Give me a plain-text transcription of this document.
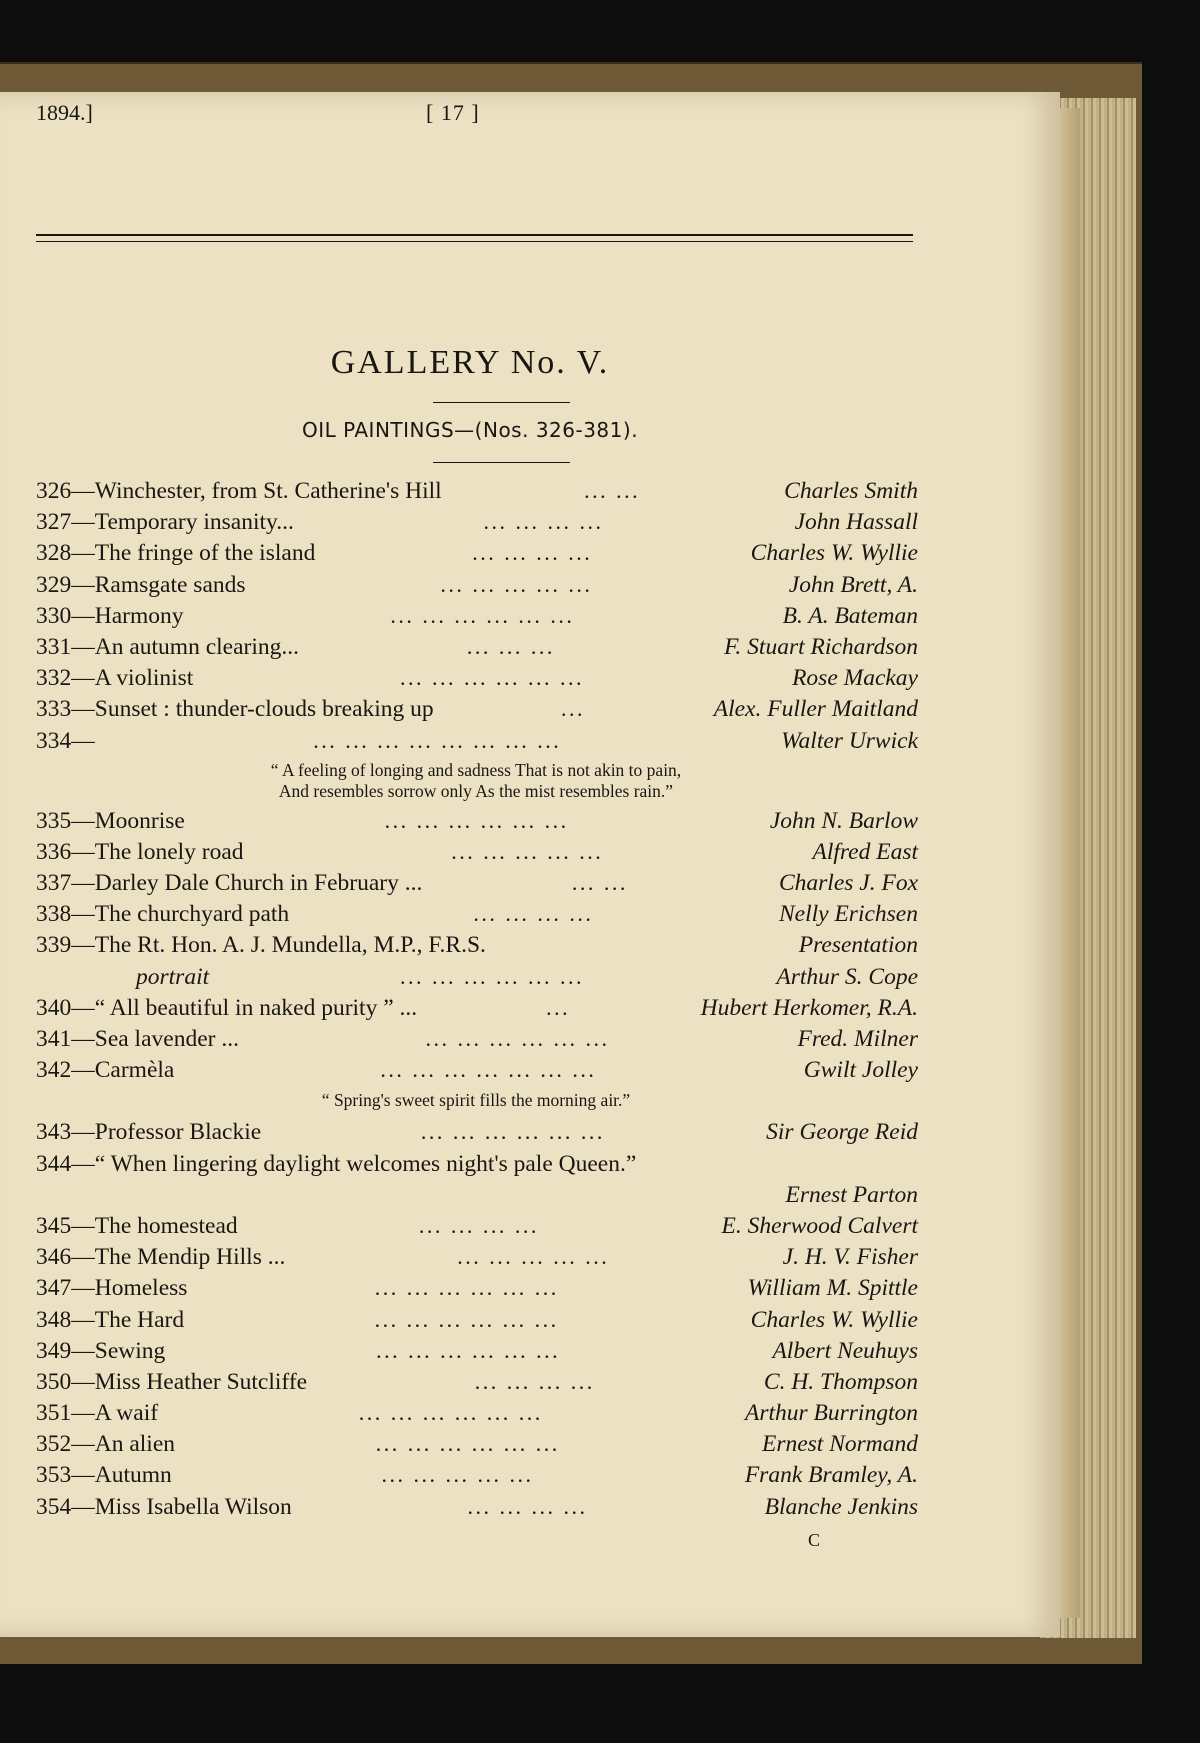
1894.]	[ 17 ]
GALLERY No. V.
OIL PAINTINGS—(Nos. 326-381).
326—Winchester, from St. Catherine's Hill	... ...	Charles Smith
327—Temporary insanity...	... ... ... ...	John Hassall
328—The fringe of the island	... ... ... ...	Charles W. Wyllie
329—Ramsgate sands	... ... ... ... ...	John Brett, A.
330—Harmony	... ... ... ... ... ...	B. A. Bateman
331—An autumn clearing...	... ... ...	F. Stuart Richardson
332—A violinist	... ... ... ... ... ...	Rose Mackay
333—Sunset : thunder-clouds breaking up	...	Alex. Fuller Maitland
334—	... ... ... ... ... ... ... ...	Walter Urwick
“ A feeling of longing and sadness That is not akin to pain,
And resembles sorrow only As the mist resembles rain.”
335—Moonrise	... ... ... ... ... ...	John N. Barlow
336—The lonely road	... ... ... ... ...	Alfred East
337—Darley Dale Church in February ...	... ...	Charles J. Fox
338—The churchyard path	... ... ... ...	Nelly Erichsen
339—The Rt. Hon. A. J. Mundella, M.P., F.R.S.	Presentation
portrait	... ... ... ... ... ...	Arthur S. Cope
340—“ All beautiful in naked purity ” ...	...	Hubert Herkomer, R.A.
341—Sea lavender ...	... ... ... ... ... ...	Fred. Milner
342—Carmèla	... ... ... ... ... ... ...	Gwilt Jolley
“ Spring's sweet spirit fills the morning air.”
343—Professor Blackie	... ... ... ... ... ...	Sir George Reid
344—“ When lingering daylight welcomes night's pale Queen.”
Ernest Parton
345—The homestead	... ... ... ...	E. Sherwood Calvert
346—The Mendip Hills ...	... ... ... ... ...	J. H. V. Fisher
347—Homeless	... ... ... ... ... ...	William M. Spittle
348—The Hard	... ... ... ... ... ...	Charles W. Wyllie
349—Sewing	... ... ... ... ... ...	Albert Neuhuys
350—Miss Heather Sutcliffe	... ... ... ...	C. H. Thompson
351—A waif	... ... ... ... ... ...	Arthur Burrington
352—An alien	... ... ... ... ... ...	Ernest Normand
353—Autumn	... ... ... ... ...	Frank Bramley, A.
354—Miss Isabella Wilson	... ... ... ...	Blanche Jenkins
C
